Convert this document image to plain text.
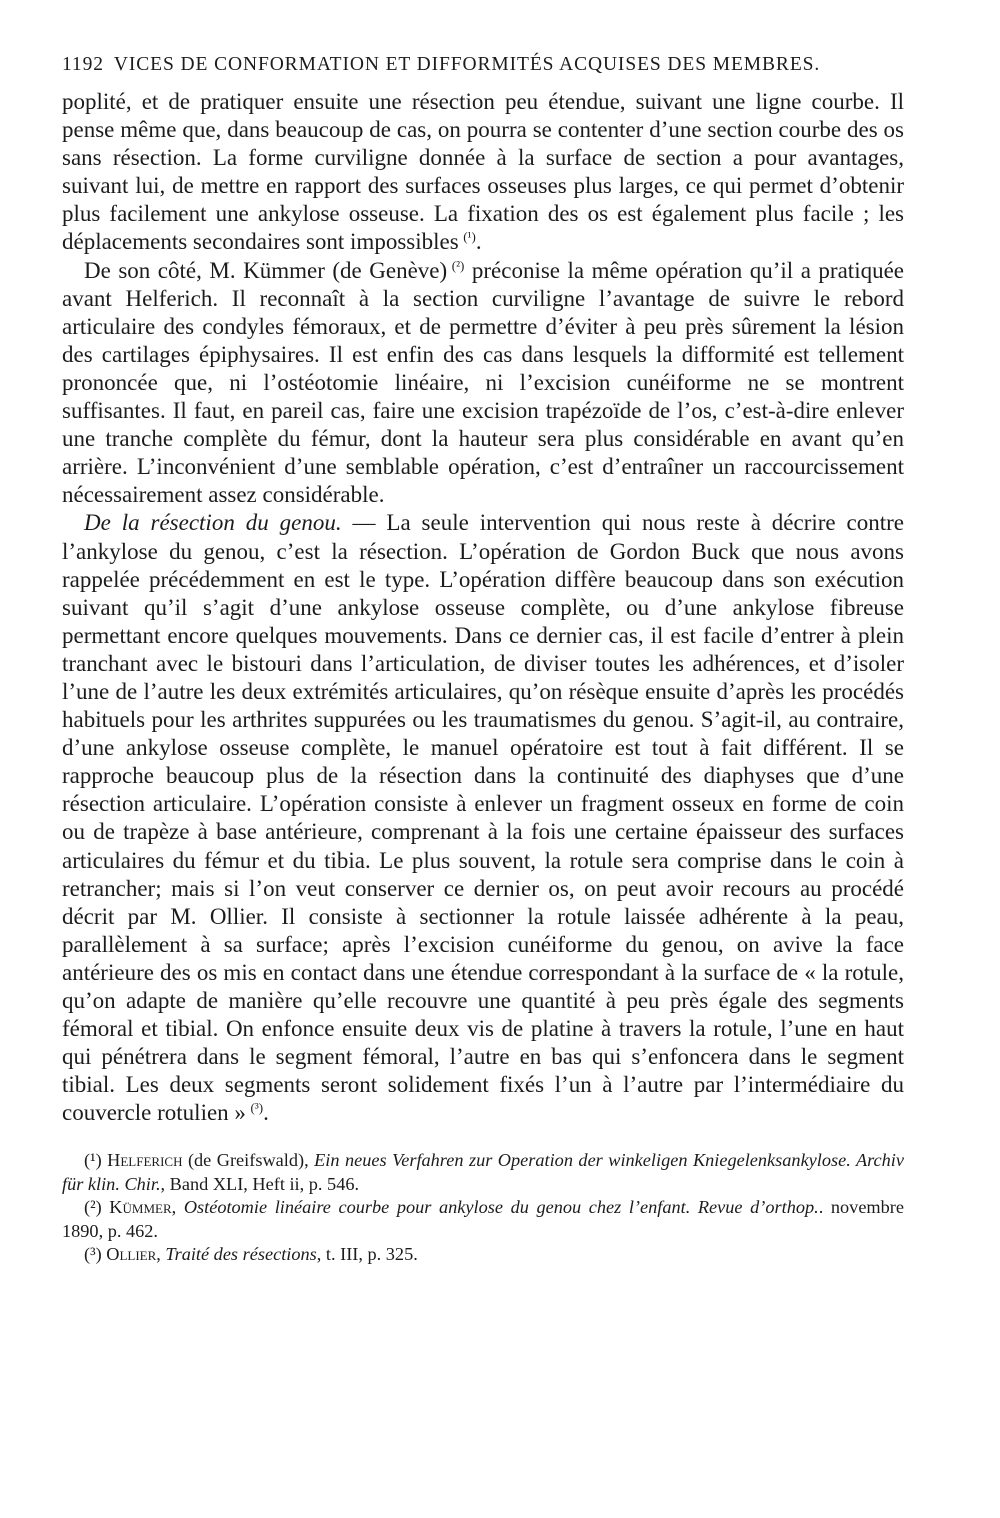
1192 VICES DE CONFORMATION ET DIFFORMITÉS ACQUISES DES MEMBRES.

poplité, et de pratiquer ensuite une résection peu étendue, suivant une ligne courbe. Il pense même que, dans beaucoup de cas, on pourra se contenter d’une section courbe des os sans résection. La forme curviligne donnée à la surface de section a pour avantages, suivant lui, de mettre en rapport des surfaces osseuses plus larges, ce qui permet d’obtenir plus facilement une ankylose osseuse. La fixation des os est également plus facile ; les déplacements secondaires sont impossibles  $^{(^1)}$.

De son côté, M. Kümmer (de Genève)  $^{(^2)}$ préconise la même opération qu’il a pratiquée avant Helferich. Il reconnaît à la section curviligne l’avantage de suivre le rebord articulaire des condyles fémoraux, et de permettre d’éviter à peu près sûrement la lésion des cartilages épiphysaires. Il est enfin des cas dans lesquels la difformité est tellement prononcée que, ni l’ostéotomie linéaire, ni l’excision cunéiforme ne se montrent suffisantes. Il faut, en pareil cas, faire une excision trapézoïde de l’os, c’est-à-dire enlever une tranche complète du fémur, dont la hauteur sera plus considérable en avant qu’en arrière. L’inconvénient d’une semblable opération, c’est d’entraîner un raccourcissement nécessairement assez considérable.

De la résection du genou. — La seule intervention qui nous reste à décrire contre l’ankylose du genou, c’est la résection. L’opération de Gordon Buck que nous avons rappelée précédemment en est le type. L’opération diffère beaucoup dans son exécution suivant qu’il s’agit d’une ankylose osseuse complète, ou d’une ankylose fibreuse permettant encore quelques mouvements. Dans ce dernier cas, il est facile d’entrer à plein tranchant avec le bistouri dans l’articulation, de diviser toutes les adhérences, et d’isoler l’une de l’autre les deux extrémités articulaires, qu’on résèque ensuite d’après les procédés habituels pour les arthrites suppurées ou les traumatismes du genou. S’agit-il, au contraire, d’une ankylose osseuse complète, le manuel opératoire est tout à fait différent. Il se rapproche beaucoup plus de la résection dans la continuité des diaphyses que d’une résection articulaire. L’opération consiste à enlever un fragment osseux en forme de coin ou de trapèze à base antérieure, comprenant à la fois une certaine épaisseur des surfaces articulaires du fémur et du tibia. Le plus souvent, la rotule sera comprise dans le coin à retrancher; mais si l’on veut conserver ce dernier os, on peut avoir recours au procédé décrit par M. Ollier. Il consiste à sectionner la rotule laissée adhérente à la peau, parallèlement à sa surface; après l’excision cunéiforme du genou, on avive la face antérieure des os mis en contact dans une étendue correspondant à la surface de « la rotule, qu’on adapte de manière qu’elle recouvre une quantité à peu près égale des segments fémoral et tibial. On enfonce ensuite deux vis de platine à travers la rotule, l’une en haut qui pénétrera dans le segment fémoral, l’autre en bas qui s’enfoncera dans le segment tibial. Les deux segments seront solidement fixés l’un à l’autre par l’intermédiaire du couvercle rotulien »  $^{(^3)}$.

(¹) Helferich (de Greifswald), Ein neues Verfahren zur Operation der winkeligen Kniegelenksankylose. Archiv für klin. Chir., Band XLI, Heft ii, p. 546.

(²) Kümmer, Ostéotomie linéaire courbe pour ankylose du genou chez l’enfant. Revue d’orthop.. novembre 1890, p. 462.

(³) Ollier, Traité des résections, t. III, p. 325.
